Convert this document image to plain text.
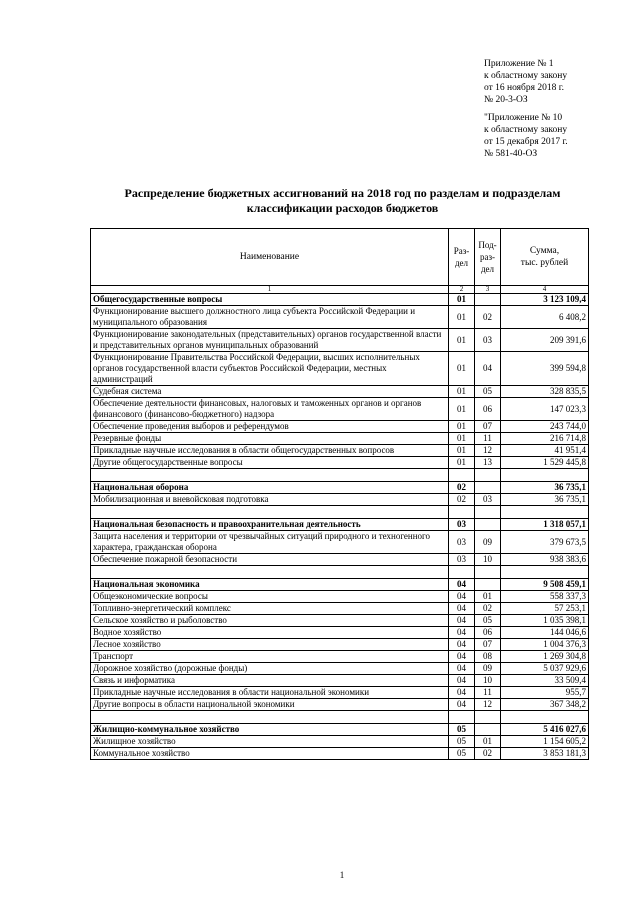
Приложение № 1
к областному закону
от 16 ноября 2018 г.
№ 20-3-ОЗ
"Приложение № 10
к областному закону
от 15 декабря 2017 г.
№ 581-40-ОЗ
Распределение бюджетных ассигнований на 2018 год по разделам и подразделам
классификации расходов бюджетов
Наименование	Раз- дел	Под- раз- дел	Сумма,
тыс. рублей

1	2	3	4
Общегосударственные вопросы	01		3 123 109,4
Функционирование высшего должностного лица субъекта Российской Федерации и муниципального образования	01	02	6 408,2
Функционирование законодательных (представительных) органов государственной власти и представительных органов муниципальных образований	01	03	209 391,6
Функционирование Правительства Российской Федерации, высших исполнительных органов государственной власти субъектов Российской Федерации, местных администраций	01	04	399 594,8
Судебная система	01	05	328 835,5
Обеспечение деятельности финансовых, налоговых и таможенных органов и органов финансового (финансово-бюджетного) надзора	01	06	147 023,3
Обеспечение проведения выборов и референдумов	01	07	243 744,0
Резервные фонды	01	11	216 714,8
Прикладные научные исследования в области общегосударственных вопросов	01	12	41 951,4
Другие общегосударственные вопросы	01	13	1 529 445,8

Национальная оборона	02		36 735,1
Мобилизационная и вневойсковая подготовка	02	03	36 735,1

Национальная безопасность и правоохранительная деятельность	03		1 318 057,1
Защита населения и территории от чрезвычайных ситуаций природного и техногенного характера, гражданская оборона	03	09	379 673,5
Обеспечение пожарной безопасности	03	10	938 383,6

Национальная экономика	04		9 508 459,1
Общеэкономические вопросы	04	01	558 337,3
Топливно-энергетический комплекс	04	02	57 253,1
Сельское хозяйство и рыболовство	04	05	1 035 398,1
Водное хозяйство	04	06	144 046,6
Лесное хозяйство	04	07	1 004 376,3
Транспорт	04	08	1 269 304,8
Дорожное хозяйство (дорожные фонды)	04	09	5 037 929,6
Связь и информатика	04	10	33 509,4
Прикладные научные исследования в области национальной экономики	04	11	955,7
Другие вопросы в области национальной экономики	04	12	367 348,2

Жилищно-коммунальное хозяйство	05		5 416 027,6
Жилищное хозяйство	05	01	1 154 605,2
Коммунальное хозяйство	05	02	3 853 181,3
1
